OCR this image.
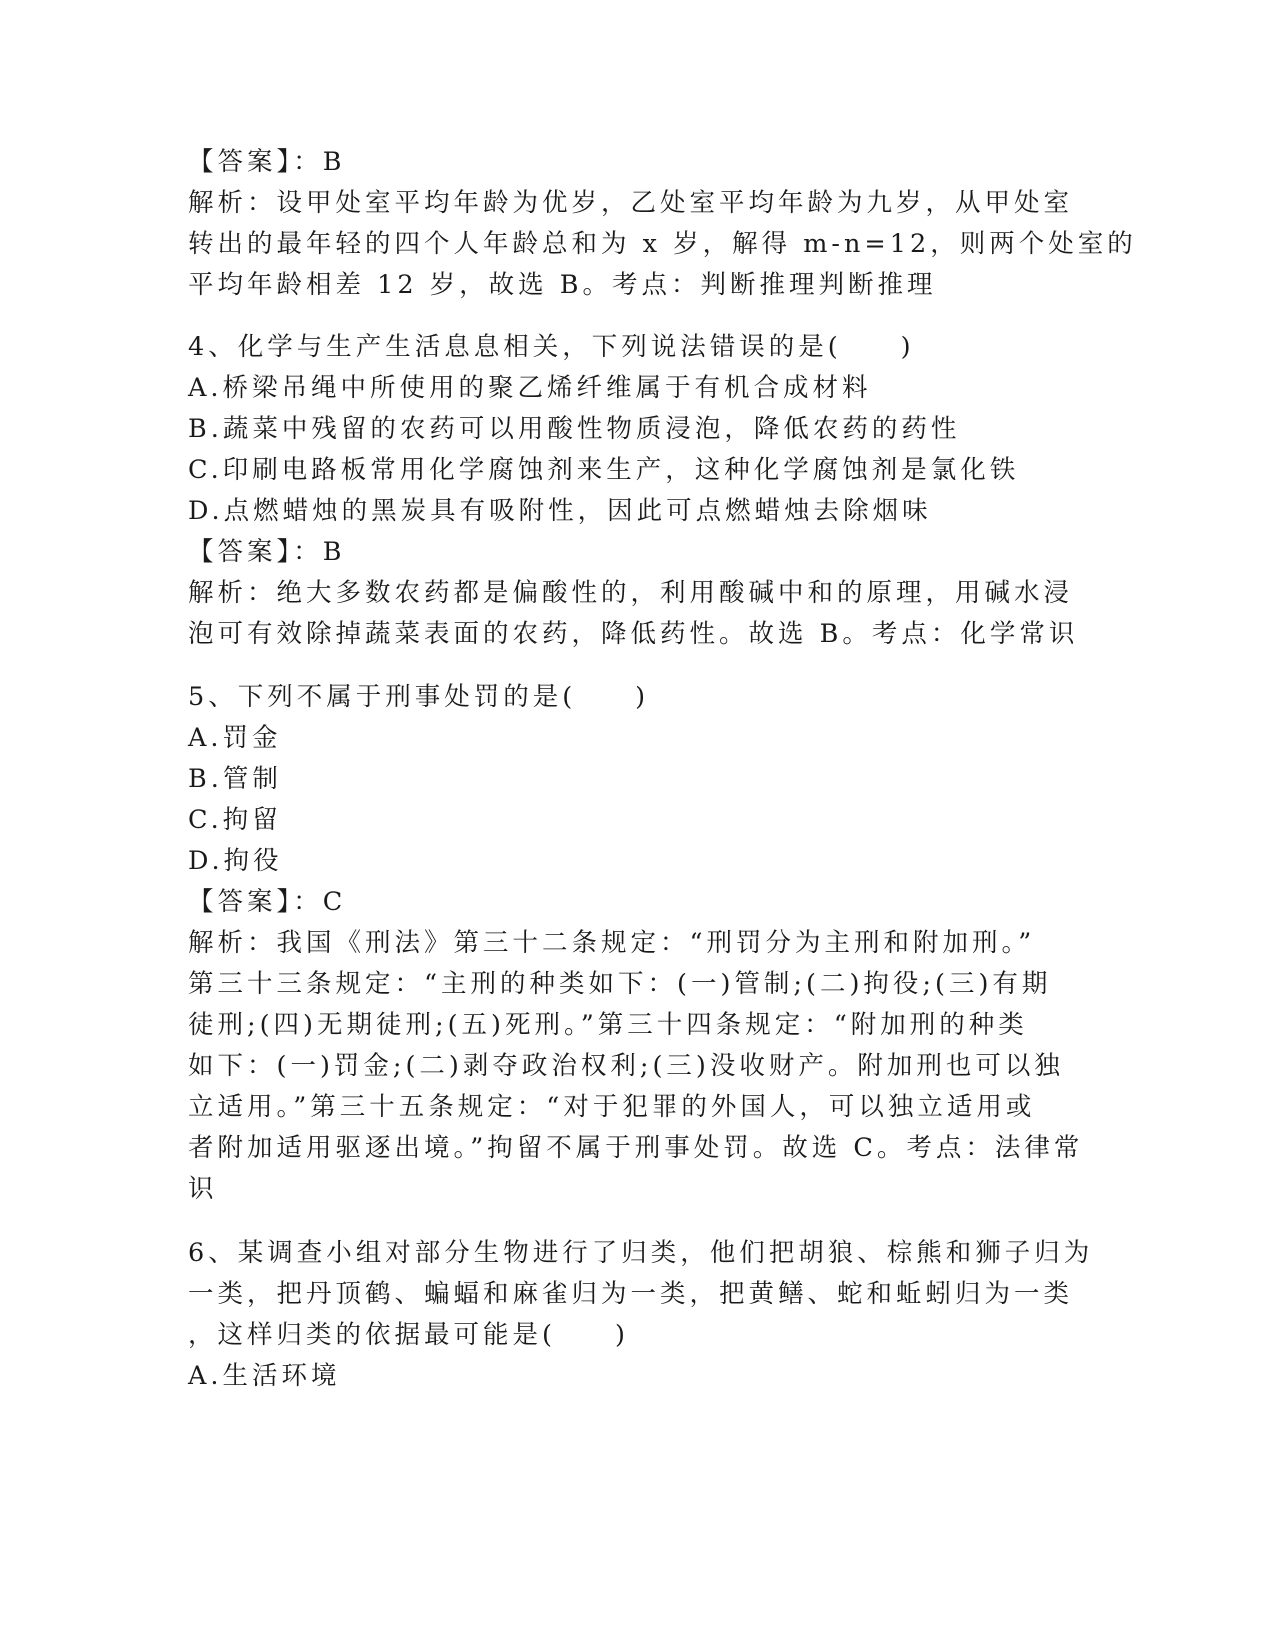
【答案】：B
解析：设甲处室平均年龄为优岁，乙处室平均年龄为九岁，从甲处室
转出的最年轻的四个人年龄总和为 x 岁，解得 m-n=12，则两个处室的
平均年龄相差 12 岁，故选 B。考点：判断推理判断推理
4、化学与生产生活息息相关，下列说法错误的是(　　)
A.桥梁吊绳中所使用的聚乙烯纤维属于有机合成材料
B.蔬菜中残留的农药可以用酸性物质浸泡，降低农药的药性
C.印刷电路板常用化学腐蚀剂来生产，这种化学腐蚀剂是氯化铁
D.点燃蜡烛的黑炭具有吸附性，因此可点燃蜡烛去除烟味
【答案】：B
解析：绝大多数农药都是偏酸性的，利用酸碱中和的原理，用碱水浸
泡可有效除掉蔬菜表面的农药，降低药性。故选 B。考点：化学常识
5、下列不属于刑事处罚的是(　　)
A.罚金
B.管制
C.拘留
D.拘役
【答案】：C
解析：我国《刑法》第三十二条规定：“刑罚分为主刑和附加刑。”
第三十三条规定：“主刑的种类如下：(一)管制;(二)拘役;(三)有期
徒刑;(四)无期徒刑;(五)死刑。”第三十四条规定：“附加刑的种类
如下：(一)罚金;(二)剥夺政治权利;(三)没收财产。附加刑也可以独
立适用。”第三十五条规定：“对于犯罪的外国人，可以独立适用或
者附加适用驱逐出境。”拘留不属于刑事处罚。故选 C。考点：法律常
识
6、某调查小组对部分生物进行了归类，他们把胡狼、棕熊和狮子归为
一类，把丹顶鹤、蝙蝠和麻雀归为一类，把黄鳝、蛇和蚯蚓归为一类
，这样归类的依据最可能是(　　)
A.生活环境
